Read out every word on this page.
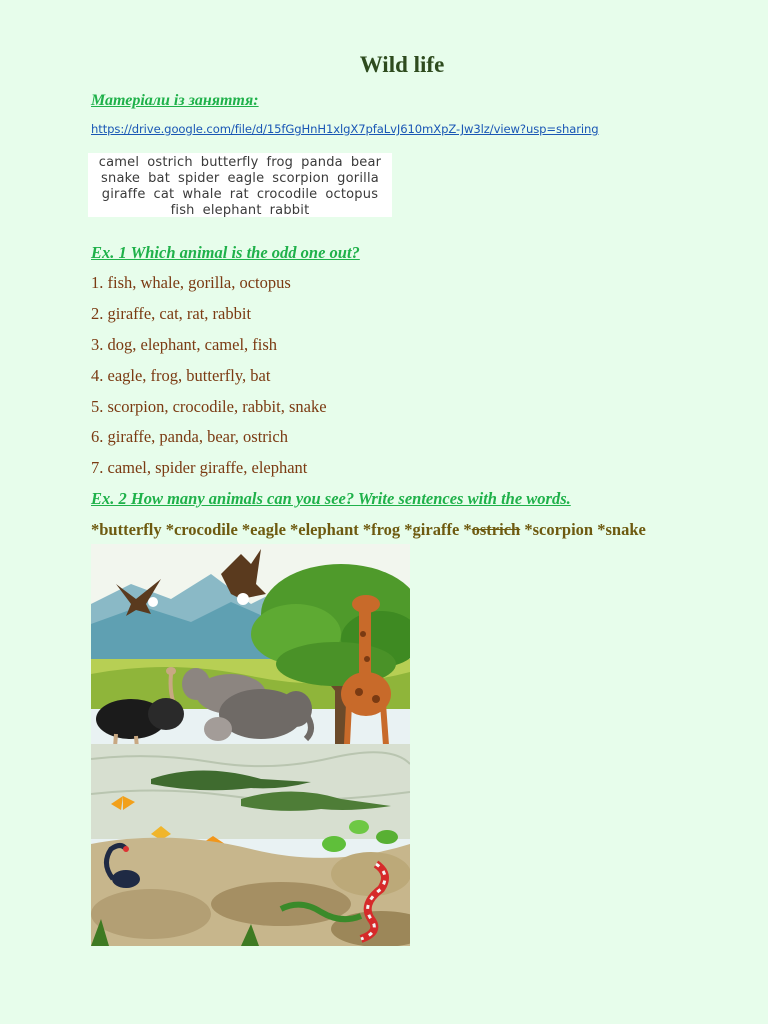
Wild life
Матеріали із заняття:
https://drive.google.com/file/d/15fGgHnH1xlgX7pfaLvJ610mXpZ-Jw3lz/view?usp=sharing
camel ostrich butterfly frog panda bear
snake bat spider eagle scorpion gorilla
giraffe cat whale rat crocodile octopus
fish elephant rabbit
Ex. 1 Which animal is the odd one out?
1. fish, whale, gorilla, octopus
2. giraffe, cat, rat, rabbit
3. dog, elephant, camel, fish
4. eagle, frog, butterfly, bat
5. scorpion, crocodile, rabbit, snake
6. giraffe, panda, bear, ostrich
7. camel, spider giraffe, elephant
Ex. 2 How many animals can you see? Write sentences with the words.
*butterfly *crocodile *eagle *elephant *frog *giraffe *ostrich *scorpion *snake
